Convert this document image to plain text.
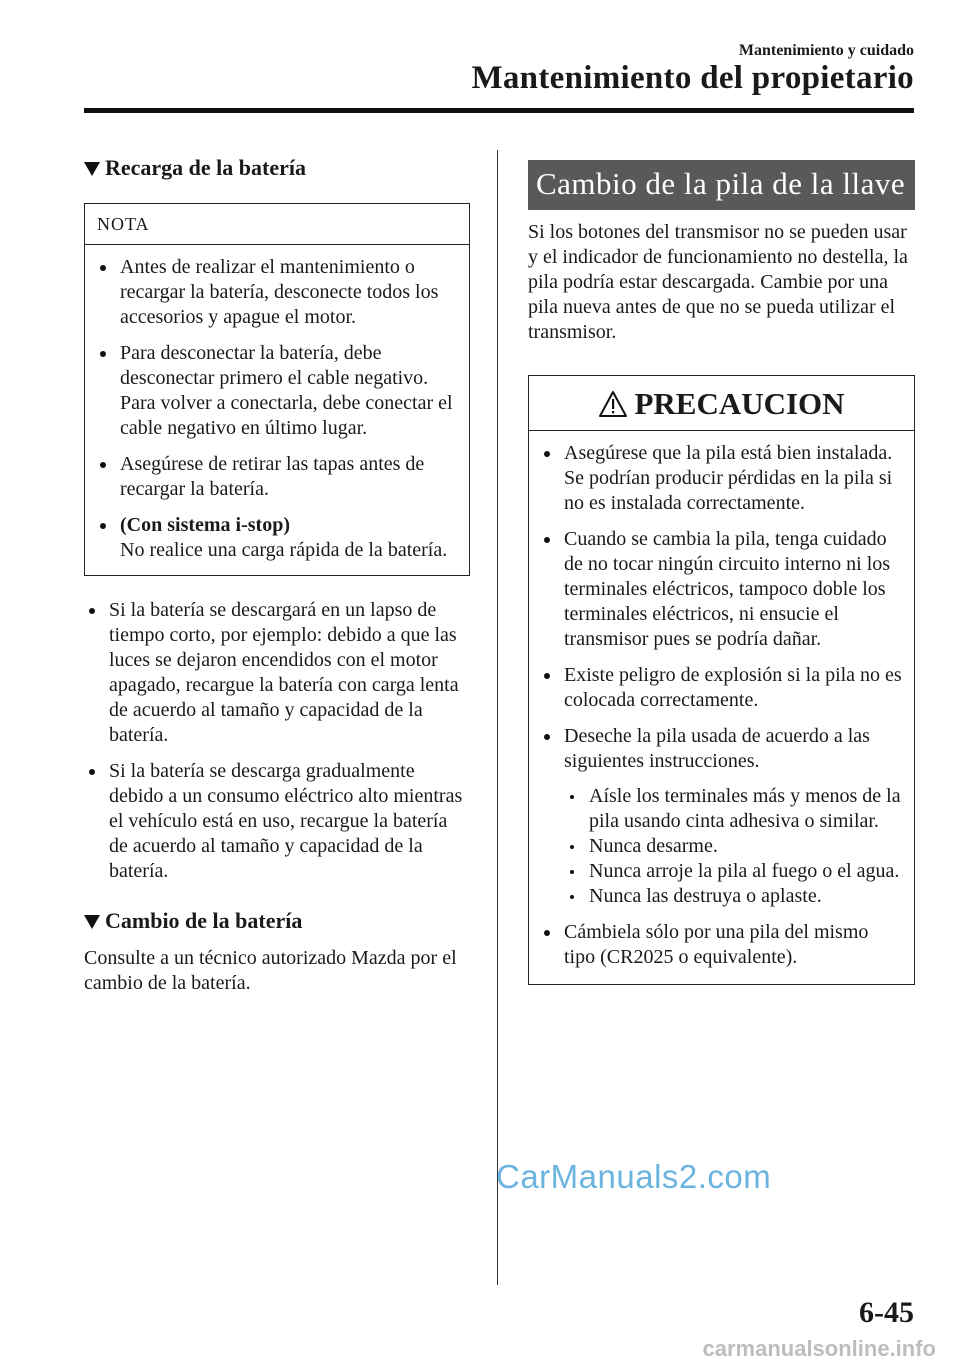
Mantenimiento y cuidado
Mantenimiento del propietario
Recarga de la batería
NOTA
Antes de realizar el mantenimiento o recargar la batería, desconecte todos los accesorios y apague el motor.
Para desconectar la batería, debe desconectar primero el cable negativo. Para volver a conectarla, debe conectar el cable negativo en último lugar.
Asegúrese de retirar las tapas antes de recargar la batería.
(Con sistema i-stop)
No realice una carga rápida de la batería.
Si la batería se descargará en un lapso de tiempo corto, por ejemplo: debido a que las luces se dejaron encendidos con el motor apagado, recargue la batería con carga lenta de acuerdo al tamaño y capacidad de la batería.
Si la batería se descarga gradualmente debido a un consumo eléctrico alto mientras el vehículo está en uso, recargue la batería de acuerdo al tamaño y capacidad de la batería.
Cambio de la batería

Consulte a un técnico autorizado Mazda por el cambio de la batería.

Cambio de la pila de la llave

Si los botones del transmisor no se pueden usar y el indicador de funcionamiento no destella, la pila podría estar descargada. Cambie por una pila nueva antes de que no se pueda utilizar el transmisor.

PRECAUCION
Asegúrese que la pila está bien instalada. Se podrían producir pérdidas en la pila si no es instalada correctamente.
Cuando se cambia la pila, tenga cuidado de no tocar ningún circuito interno ni los terminales eléctricos, tampoco doble los terminales eléctricos, ni ensucie el transmisor pues se podría dañar.
Existe peligro de explosión si la pila no es colocada correctamente.
Deseche la pila usada de acuerdo a las siguientes instrucciones.
Aísle los terminales más y menos de la pila usando cinta adhesiva o similar.
Nunca desarme.
Nunca arroje la pila al fuego o el agua.
Nunca las destruya o aplaste.
Cámbiela sólo por una pila del mismo tipo (CR2025 o equivalente).
CarManuals2.com
6-45
carmanualsonline.info
